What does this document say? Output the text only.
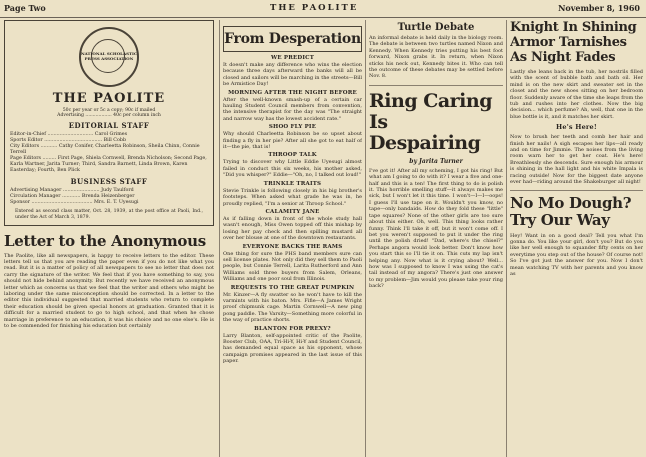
Page Two	THE PAOLITE	November 8, 1960
NATIONAL SCHOLASTIC PRESS ASSOCIATION
THE PAOLITE
50c per year or 5c a copy; 90c if mailed
Advertising .................. 40c per column inch
EDITORIAL STAFF
Editor-in-Chief .............................. Carol Grimes
Sports Editor ...................................... Bill Cobb
City Editors ........... Cathy Conifer, Charleetta Robinson, Sheila Chinn, Connie Terrell
Page Editors ......... First Page, Shiela Cornwell, Brenda Nicholson; Second Page, Karla Wartner, Jarita Turner; Third, Sandra Barnett, Linda Brown, Karen Easterday; Fourth, Ben Plick
BUSINESS STAFF
Advertising Manager ........................ Judy Taulford
Circulation Manager ............ Brenda Heizenberger
Sponsor ........................................ Mrs. E. T. Uyesugi

Entered as second class matter, Oct. 28, 1939, at the post office at Paoli, Ind., under the Act of March 3, 1879.

Letter to the Anonymous

The Paolite, like all newspapers, is happy to receive letters to the editor. These letters tell us that you are reading the paper even if you do not like what you read. But it is a matter of policy of all newspapers to see no letter that does not carry the signature of the writer. We feel that if you have something to say, you should not hide behind anonymity. But recently we have received an anonymous letter which as concerns us that we feel that the writer and others who might be laboring under the same misconception should be corrected. In a letter to the editor this individual suggested that married students who return to complete their education should be given special honors at graduation. Granted that it is difficult for a married student to go to high school, and that when he chose marriage in preference to an education, it was his choice and no one else's. He is to be commended for finishing his education but certainly

From Desperation
WE PREDICT

It doesn't make any difference who wins the election because three days afterward the banks will all be closed and sailors will be marching in the streets—Bill be Armistice Day!

MORNING AFTER THE NIGHT BEFORE

After the well-known smash-up of a certain car hauling Student Council members from convention, the intensive therapist for the day was "The straight and narrow way has the lowest accident rate."

SHOO FLY PIE

Why should Charleetta Robinson be so upset about finding a fly in her pie? After all she got to eat half of it—the pie, that is!

THROOP TALK

Trying to discover why Little Eddie Uyesugi almost failed in conduct this six weeks, his mother asked, "Did you whisper?" Eddie—"Oh, no, I talked out loud!"

TRINKLE TRAITS

Stevie Trinkle is following closely in his big brother's footsteps. When asked what grade he was in, he proudly replied, "I'm a senior at Throop School."

CALAMITY JANE

As if falling down in front of the whole study hall wasn't enough, Miss Owen topped off this mishap by losing her pay check and then spilling mustard all over her blouse at one of the downtown restaurants.

EVERYONE BACKS THE RAMS

One thing for sure the PHS band members sure can sell license plates. Not only did they sell them to Paoli people, but Connie Terrell, Larita Rutherford and Ann Williams sold three buyers from Salem, Orleans, Williams and one poor soul from Illinois.

REQUESTS TO THE GREAT PUMPKIN

Mr. Kinzer—A fly swatter so he won't have to kill the varmints with his baton. Mrs. Fifie—A James Wright proof chipmunk cage. Martin Cornwell—A new ping pong paddle. The Varsity—Something more colorful in the way of practice shorts.

BLANTON FOR PREXY?

Larry Blanton, self-appointed critic of the Paolite, Booster Club, OAA, Tri-Hi-Y, Hi-Y and Student Council, has demanded equal space as his opponent, whose campaign promises appeared in the last issue of this paper.

Turtle Debate

An informal debate is held daily in the biology room. The debate is between two turtles named Nixon and Kennedy. When Kennedy tries putting his best foot forward, Nixon grabs it. In return, when Nixon sticks his neck out, Kennedy bites it. Who can tell the outcome of these debates may be settled before Nov. 8.

Ring Caring Is Despairing
by Jarita Turner

I've got it! After all my scheming, I got his ring! But what am I going to do with it? I wear a five and one-half and this is a ten! The first thing to do is polish it. This horrible smelling stuff—it always makes me sick, but I won't let it this time. I won't—I—I—oops! I guess I'll use tape on it. Wouldn't you know, no tape—only bandaids. How do they fold these "little" tape squares? None of the other girls are too sure about this either. Oh, well. This thing looks rather funny. Think I'll take it off, but it won't come off. I bet you weren't supposed to put it under the ring until the polish dried! "Dad, where's the chisel?" Perhaps angora would look better. Don't know how you start this so I'll tie it on. This cuts my lap isn't helping any. Now what is it crying about? Well... how was I supposed to know I was using the cat's tail instead of my angora? There's just one answer to my problem—Jim would you please take your ring back?

Knight In Shining Armor Tarnishes As Night Fades

Lastly she leans back in the tub, her nostrils filled with the scent of bubble bath and bath oil. Her mind is on the new skirt and sweater set in the closet and the new shoes sitting on her bedroom floor. Suddenly aware of the time she leaps from the tub and rushes into her clothes. Now the big decision... which perfume? Ah, well, that one in the blue bottle is it, and it matches her skirt.

He's Here!

Now to brush her teeth and comb her hair and finish her nails! A sigh escapes her lips—all ready and on time for Jimmie. The noises from the living room warn her to get her coat. He's here! Breathlessly she descends. Sure enough his armour is shining in the hall light and his white Impala is racing outside! Now for the biggest date anyone ever had—riding around the Shakeburger all night!

No Mo Dough? Try Our Way

Hey! Want in on a good deal? Tell you what I'm gonna do. You like your girl, don't you? But do you like her well enough to squander fifty cents on her everytime you step out of the house? Of course not! So I've got just the answer for you. Now I don't mean watching TV with her parents and you know as
